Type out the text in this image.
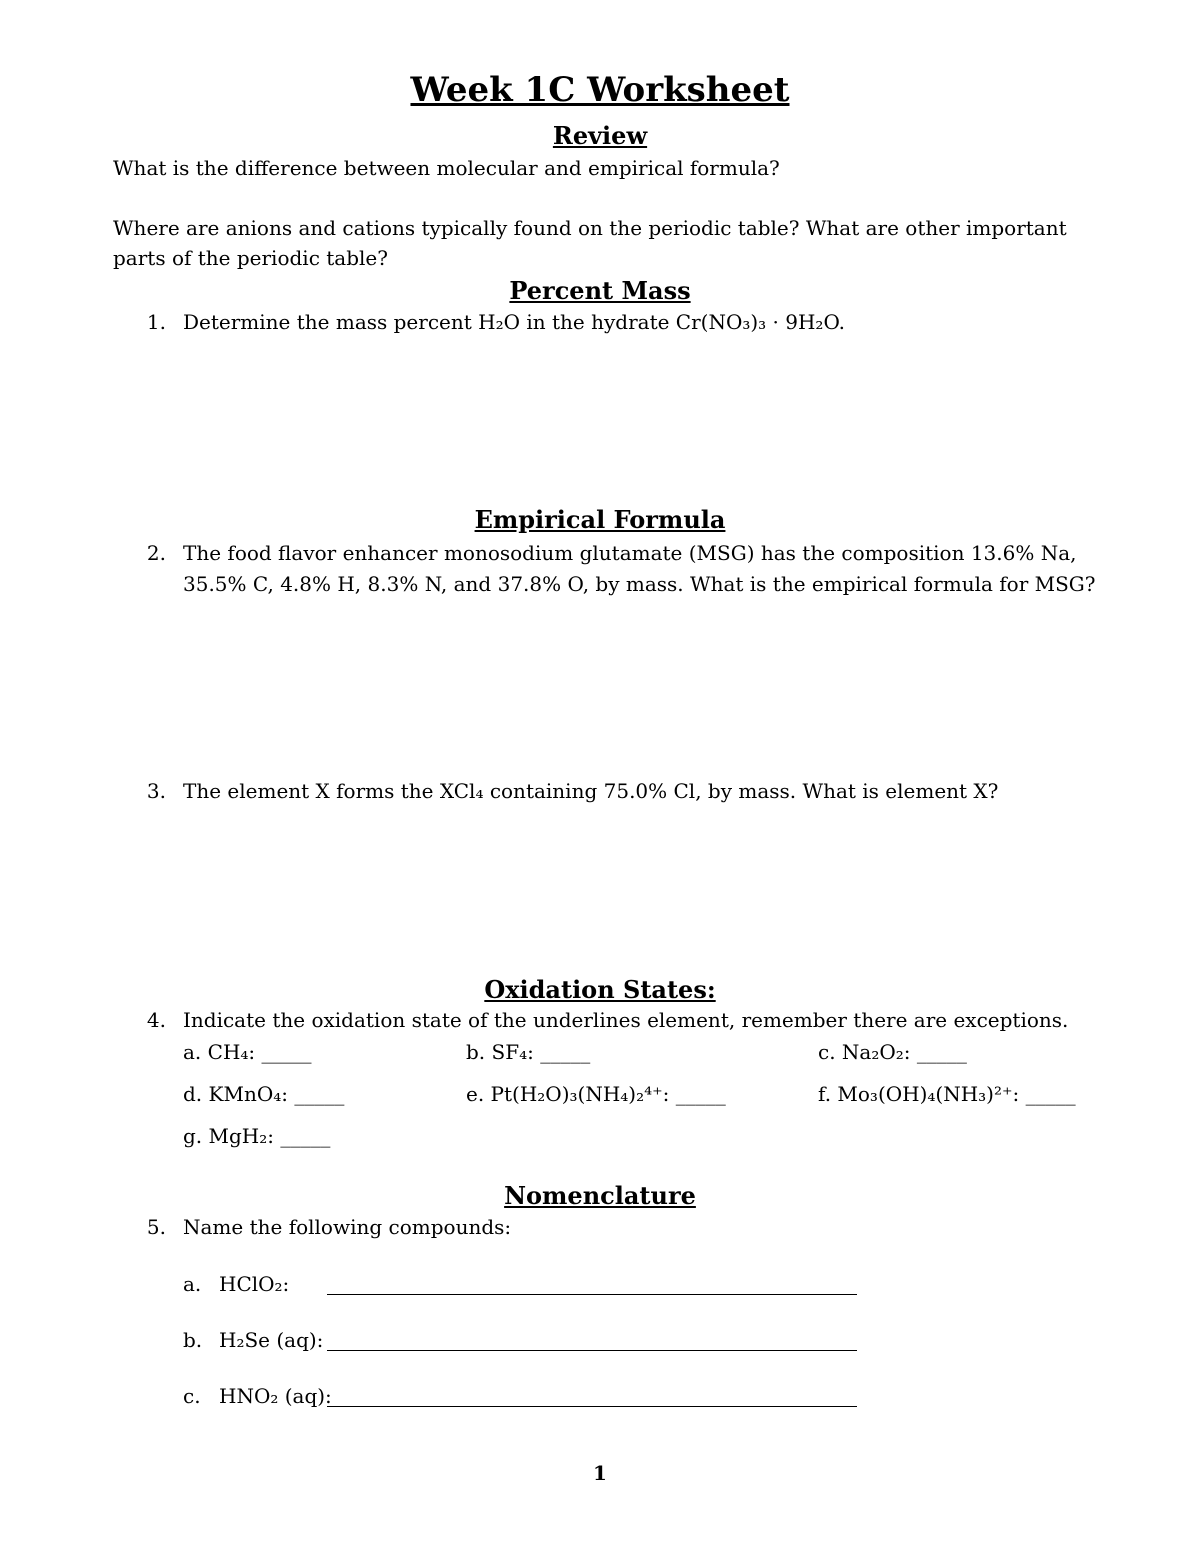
Week 1C Worksheet
Review
What is the difference between molecular and empirical formula?
Where are anions and cations typically found on the periodic table? What are other important
parts of the periodic table?
Percent Mass
1. Determine the mass percent H₂O in the hydrate Cr(NO₃)₃ · 9H₂O.
Empirical Formula
2. The food flavor enhancer monosodium glutamate (MSG) has the composition 13.6% Na,
35.5% C, 4.8% H, 8.3% N, and 37.8% O, by mass. What is the empirical formula for MSG?
3. The element X forms the XCl₄ containing 75.0% Cl, by mass. What is element X?
Oxidation States:
4. Indicate the oxidation state of the underlines element, remember there are exceptions.
a. CH₄: _____	b. SF₄: _____	c. Na₂O₂: _____
d. KMnO₄: _____	e. Pt(H₂O)₃(NH₄)₂⁴⁺: _____	f. Mo₃(OH)₄(NH₃)²⁺: _____
g. MgH₂: _____
Nomenclature
5. Name the following compounds:
a. HClO₂:
b. H₂Se (aq):
c. HNO₂ (aq):
1
